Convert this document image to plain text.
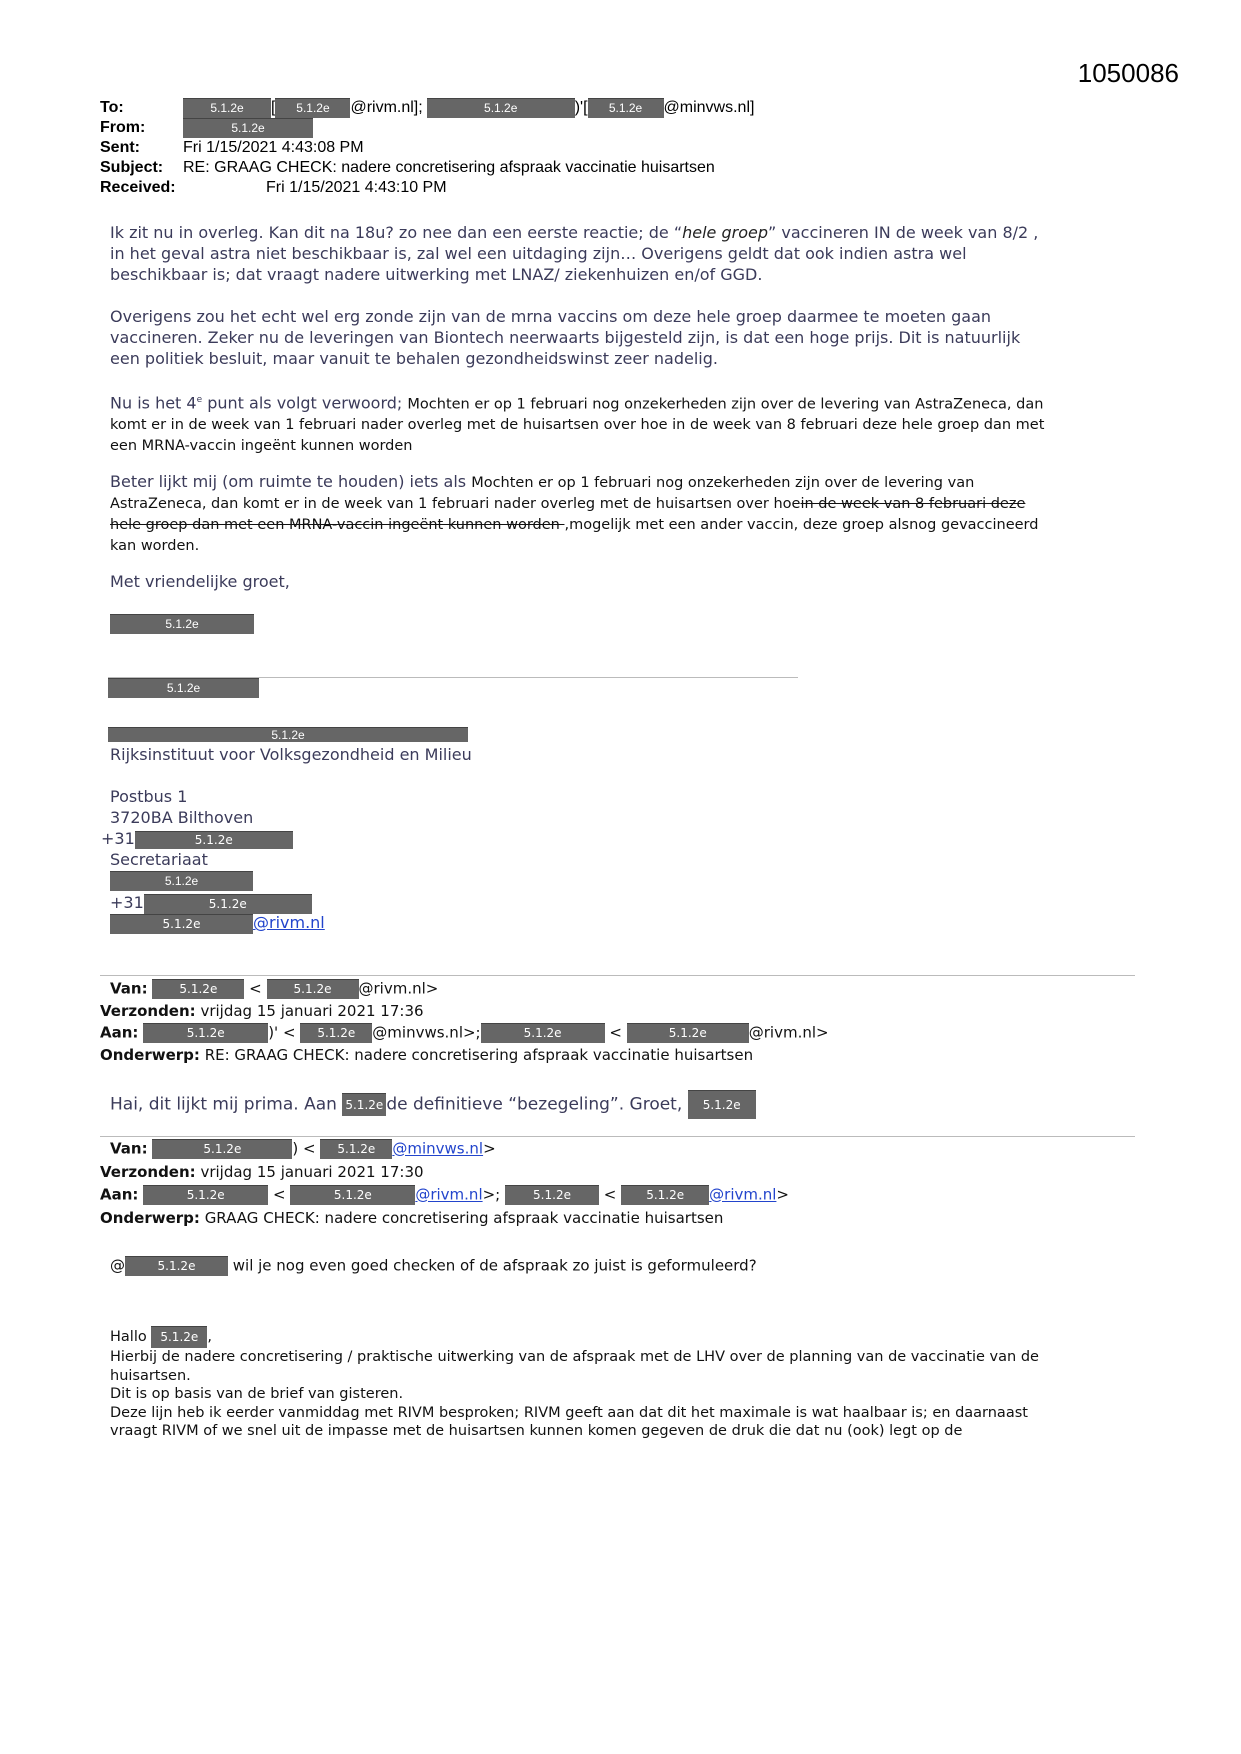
1050086
To:	5.1.2e	[	5.1.2e	@rivm.nl];	5.1.2e	)'[	5.1.2e	@minvws.nl]
From:	5.1.2e
Sent:	Fri 1/15/2021 4:43:08 PM
Subject:	RE: GRAAG CHECK: nadere concretisering afspraak vaccinatie huisartsen
Received:	Fri 1/15/2021 4:43:10 PM
Ik zit nu in overleg. Kan dit na 18u? zo nee dan een eerste reactie; de “hele groep” vaccineren IN de week van 8/2 ,
in het geval astra niet beschikbaar is, zal wel een uitdaging zijn… Overigens geldt dat ook indien astra wel
beschikbaar is; dat vraagt nadere uitwerking met LNAZ/ ziekenhuizen en/of GGD.
Overigens zou het echt wel erg zonde zijn van de mrna vaccins om deze hele groep daarmee te moeten gaan
vaccineren. Zeker nu de leveringen van Biontech neerwaarts bijgesteld zijn, is dat een hoge prijs. Dit is natuurlijk
een politiek besluit, maar vanuit te behalen gezondheidswinst zeer nadelig.
Nu is het 4e punt als volgt verwoord; Mochten er op 1 februari nog onzekerheden zijn over de levering van AstraZeneca, dan
komt er in de week van 1 februari nader overleg met de huisartsen over hoe in de week van 8 februari deze hele groep dan met
een MRNA-vaccin ingeënt kunnen worden
Beter lijkt mij (om ruimte te houden) iets als Mochten er op 1 februari nog onzekerheden zijn over de levering van
AstraZeneca, dan komt er in de week van 1 februari nader overleg met de huisartsen over hoein de week van 8 februari deze
hele groep dan met een MRNA-vaccin ingeënt kunnen worden ,mogelijk met een ander vaccin, deze groep alsnog gevaccineerd
kan worden.
Met vriendelijke groet,
5.1.2e
5.1.2e
5.1.2e
Rijksinstituut voor Volksgezondheid en Milieu
Postbus 1
3720BA Bilthoven
+31	5.1.2e
Secretariaat
5.1.2e
+31	5.1.2e
5.1.2e	@rivm.nl
Van:	5.1.2e <	5.1.2e @rivm.nl>
Verzonden: vrijdag 15 januari 2021 17:36
Aan:	5.1.2e	)' < 5.1.2e @minvws.nl>;	5.1.2e	<	5.1.2e	@rivm.nl>
Onderwerp: RE: GRAAG CHECK: nadere concretisering afspraak vaccinatie huisartsen
Hai, dit lijkt mij prima. Aan 5.1.2e de definitieve “bezegeling”. Groet, 5.1.2e
Van:	5.1.2e	) < 5.1.2e @minvws.nl>
Verzonden: vrijdag 15 januari 2021 17:30
Aan:	5.1.2e	<	5.1.2e	@rivm.nl>;	5.1.2e < 5.1.2e @rivm.nl>
Onderwerp: GRAAG CHECK: nadere concretisering afspraak vaccinatie huisartsen
@	5.1.2e wil je nog even goed checken of de afspraak zo juist is geformuleerd?
Hallo 5.1.2e ,
Hierbij de nadere concretisering / praktische uitwerking van de afspraak met de LHV over de planning van de vaccinatie van de
huisartsen.
Dit is op basis van de brief van gisteren.
Deze lijn heb ik eerder vanmiddag met RIVM besproken; RIVM geeft aan dat dit het maximale is wat haalbaar is; en daarnaast
vraagt RIVM of we snel uit de impasse met de huisartsen kunnen komen gegeven de druk die dat nu (ook) legt op de
